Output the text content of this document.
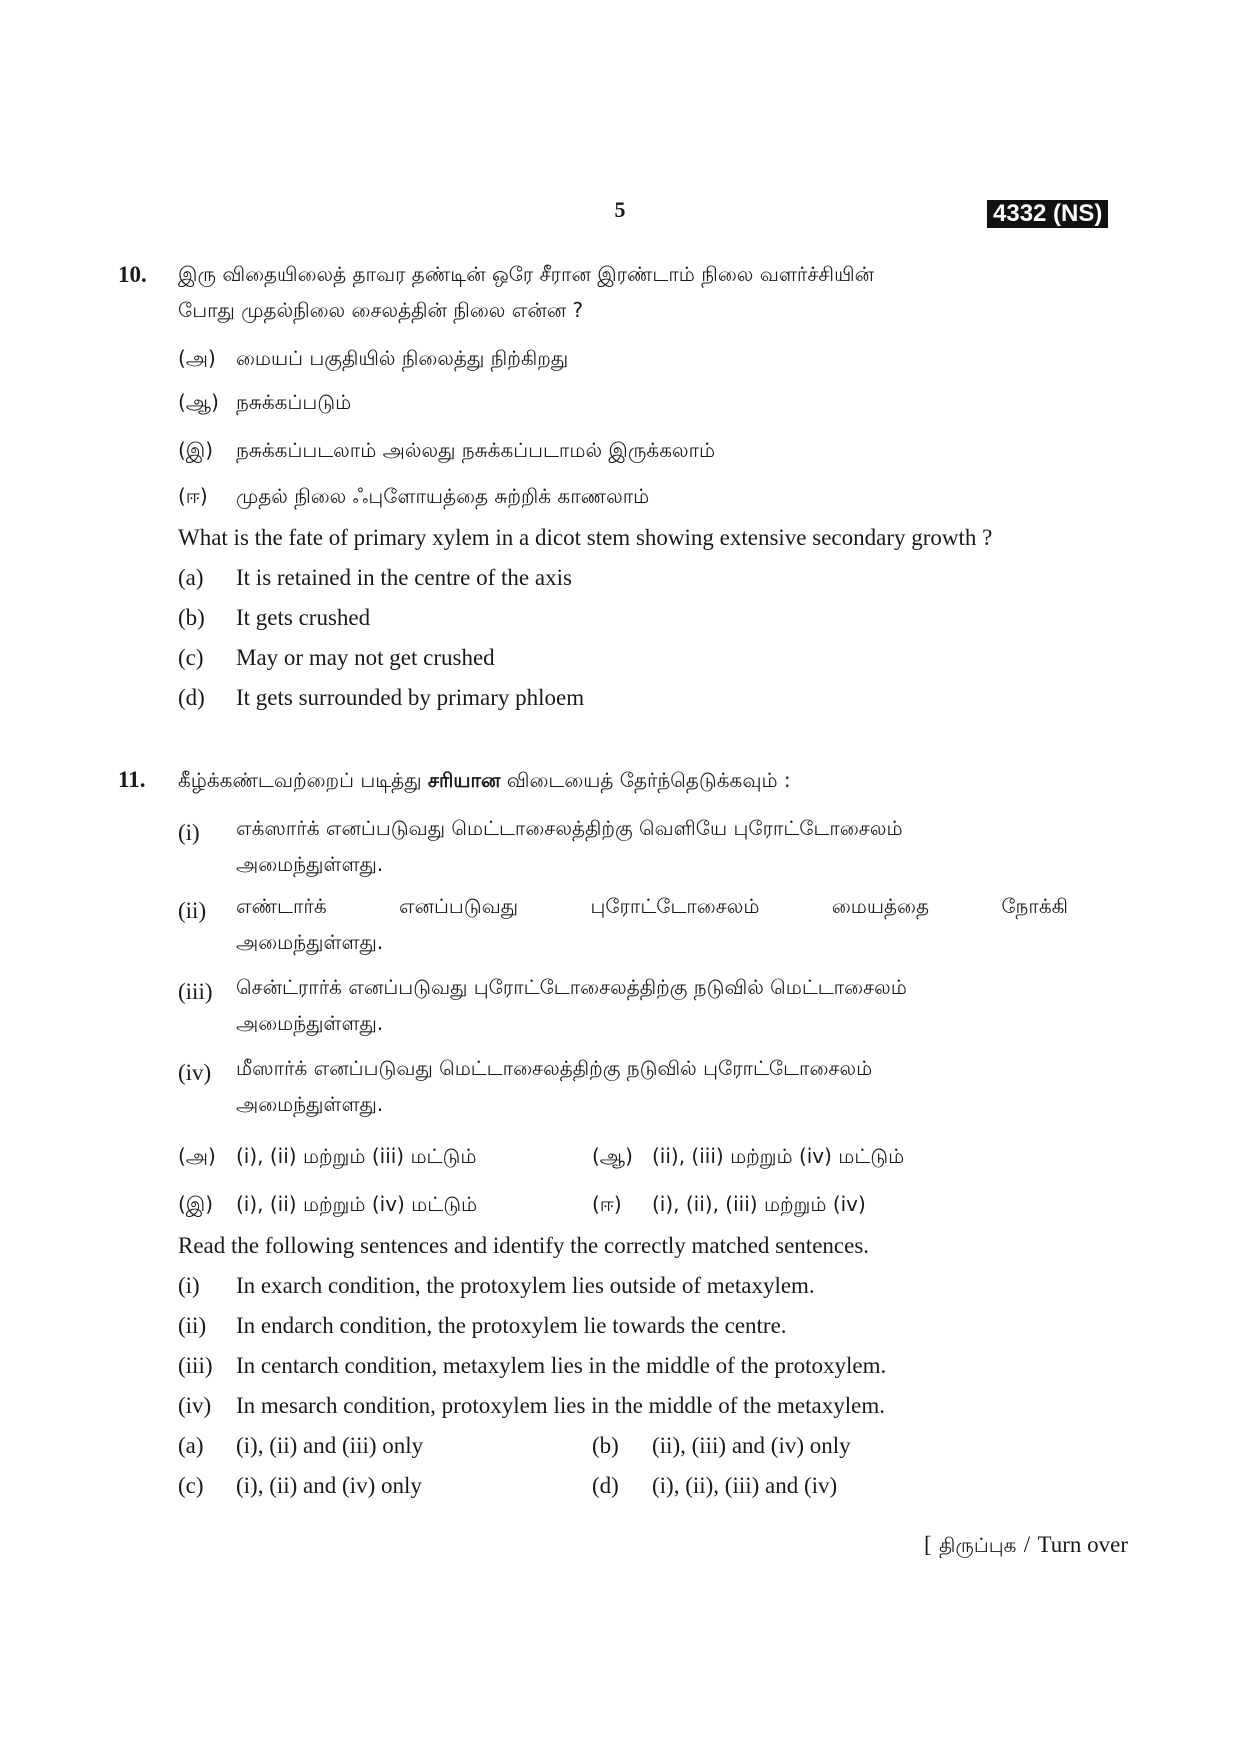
5	4332 (NS)
10. இரு விதையிலைத் தாவர தண்டின் ஒரே சீரான இரண்டாம் நிலை வளர்ச்சியின்
போது முதல்நிலை சைலத்தின் நிலை என்ன ?
(அ) மையப் பகுதியில் நிலைத்து நிற்கிறது
(ஆ) நசுக்கப்படும்
(இ) நசுக்கப்படலாம் அல்லது நசுக்கப்படாமல் இருக்கலாம்
(ஈ) முதல் நிலை ஃபுளோயத்தை சுற்றிக் காணலாம்
What is the fate of primary xylem in a dicot stem showing extensive secondary growth ?
(a) It is retained in the centre of the axis
(b) It gets crushed
(c) May or may not get crushed
(d) It gets surrounded by primary phloem
11. கீழ்க்கண்டவற்றைப் படித்து சரியான விடையைத் தேர்ந்தெடுக்கவும் :
(i) எக்ஸார்க் எனப்படுவது மெட்டாசைலத்திற்கு வெளியே புரோட்டோசைலம்
அமைந்துள்ளது.
(ii) எண்டார்க் எனப்படுவது புரோட்டோசைலம் மையத்தை நோக்கி
அமைந்துள்ளது.
(iii) சென்ட்ரார்க் எனப்படுவது புரோட்டோசைலத்திற்கு நடுவில் மெட்டாசைலம்
அமைந்துள்ளது.
(iv) மீஸார்க் எனப்படுவது மெட்டாசைலத்திற்கு நடுவில் புரோட்டோசைலம்
அமைந்துள்ளது.
(அ) (i), (ii) மற்றும் (iii) மட்டும்	(ஆ) (ii), (iii) மற்றும் (iv) மட்டும்
(இ) (i), (ii) மற்றும் (iv) மட்டும்	(ஈ) (i), (ii), (iii) மற்றும் (iv)
Read the following sentences and identify the correctly matched sentences.
(i) In exarch condition, the protoxylem lies outside of metaxylem.
(ii) In endarch condition, the protoxylem lie towards the centre.
(iii) In centarch condition, metaxylem lies in the middle of the protoxylem.
(iv) In mesarch condition, protoxylem lies in the middle of the metaxylem.
(a) (i), (ii) and (iii) only	(b) (ii), (iii) and (iv) only
(c) (i), (ii) and (iv) only	(d) (i), (ii), (iii) and (iv)
[ திருப்புக / Turn over
